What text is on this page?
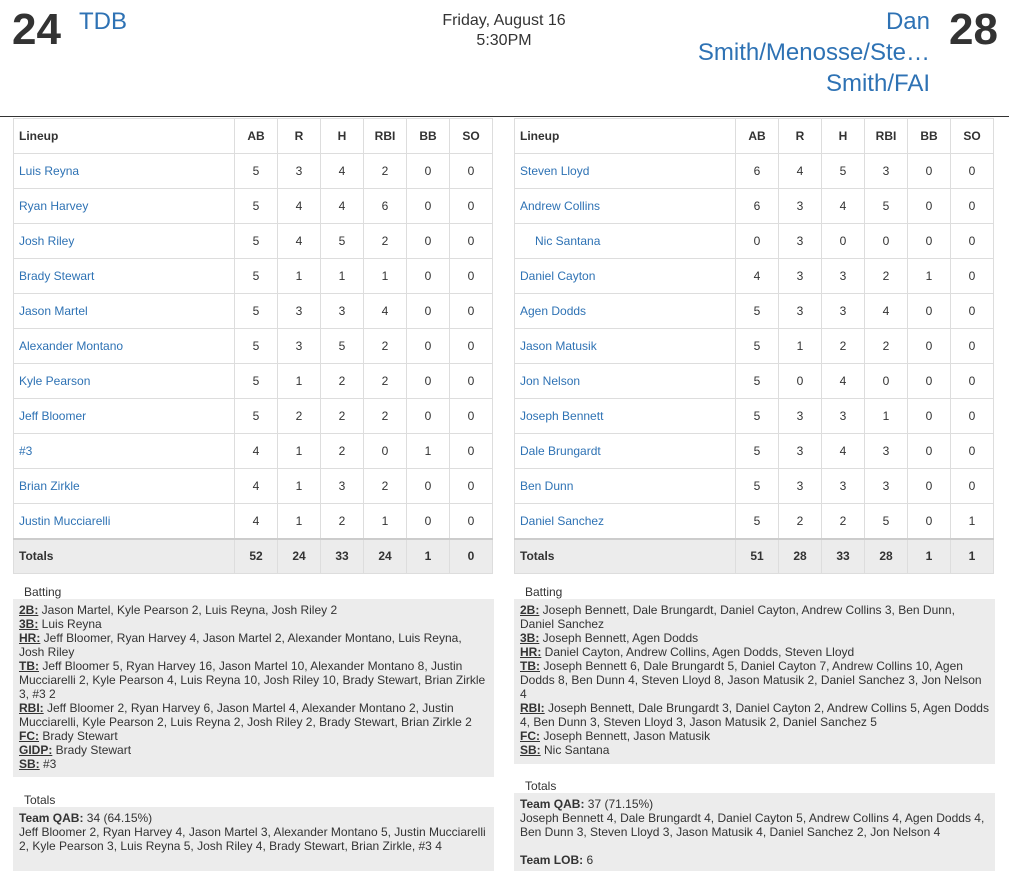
24 TDB	Friday, August 16
5:30PM
Dan
Smith/Menosse/Ste…
Smith/FAI
28
Lineup	AB	R	H	RBI	BB	SO
Luis Reyna	5	3	4	2	0	0
Ryan Harvey	5	4	4	6	0	0
Josh Riley	5	4	5	2	0	0
Brady Stewart	5	1	1	1	0	0
Jason Martel	5	3	3	4	0	0
Alexander Montano	5	3	5	2	0	0
Kyle Pearson	5	1	2	2	0	0
Jeff Bloomer	5	2	2	2	0	0
#3	4	1	2	0	1	0
Brian Zirkle	4	1	3	2	0	0
Justin Mucciarelli	4	1	2	1	0	0
Totals	52	24	33	24	1	0
Lineup	AB	R	H	RBI	BB	SO
Steven Lloyd	6	4	5	3	0	0
Andrew Collins	6	3	4	5	0	0
Nic Santana	0	3	0	0	0	0
Daniel Cayton	4	3	3	2	1	0
Agen Dodds	5	3	3	4	0	0
Jason Matusik	5	1	2	2	0	0
Jon Nelson	5	0	4	0	0	0
Joseph Bennett	5	3	3	1	0	0
Dale Brungardt	5	3	4	3	0	0
Ben Dunn	5	3	3	3	0	0
Daniel Sanchez	5	2	2	5	0	1
Totals	51	28	33	28	1	1
Batting
2B: Jason Martel, Kyle Pearson 2, Luis Reyna, Josh Riley 2
3B: Luis Reyna
HR: Jeff Bloomer, Ryan Harvey 4, Jason Martel 2, Alexander Montano, Luis Reyna, Josh Riley
TB: Jeff Bloomer 5, Ryan Harvey 16, Jason Martel 10, Alexander Montano 8, Justin Mucciarelli 2, Kyle Pearson 4, Luis Reyna 10, Josh Riley 10, Brady Stewart, Brian Zirkle 3, #3 2
RBI: Jeff Bloomer 2, Ryan Harvey 6, Jason Martel 4, Alexander Montano 2, Justin Mucciarelli, Kyle Pearson 2, Luis Reyna 2, Josh Riley 2, Brady Stewart, Brian Zirkle 2
FC: Brady Stewart
GIDP: Brady Stewart
SB: #3
Batting
2B: Joseph Bennett, Dale Brungardt, Daniel Cayton, Andrew Collins 3, Ben Dunn, Daniel Sanchez
3B: Joseph Bennett, Agen Dodds
HR: Daniel Cayton, Andrew Collins, Agen Dodds, Steven Lloyd
TB: Joseph Bennett 6, Dale Brungardt 5, Daniel Cayton 7, Andrew Collins 10, Agen Dodds 8, Ben Dunn 4, Steven Lloyd 8, Jason Matusik 2, Daniel Sanchez 3, Jon Nelson 4
RBI: Joseph Bennett, Dale Brungardt 3, Daniel Cayton 2, Andrew Collins 5, Agen Dodds 4, Ben Dunn 3, Steven Lloyd 3, Jason Matusik 2, Daniel Sanchez 5
FC: Joseph Bennett, Jason Matusik
SB: Nic Santana
Totals
Team QAB: 34 (64.15%)
Jeff Bloomer 2, Ryan Harvey 4, Jason Martel 3, Alexander Montano 5, Justin Mucciarelli 2, Kyle Pearson 3, Luis Reyna 5, Josh Riley 4, Brady Stewart, Brian Zirkle, #3 4
Totals
Team QAB: 37 (71.15%)
Joseph Bennett 4, Dale Brungardt 4, Daniel Cayton 5, Andrew Collins 4, Agen Dodds 4, Ben Dunn 3, Steven Lloyd 3, Jason Matusik 4, Daniel Sanchez 2, Jon Nelson 4
Team LOB: 6
